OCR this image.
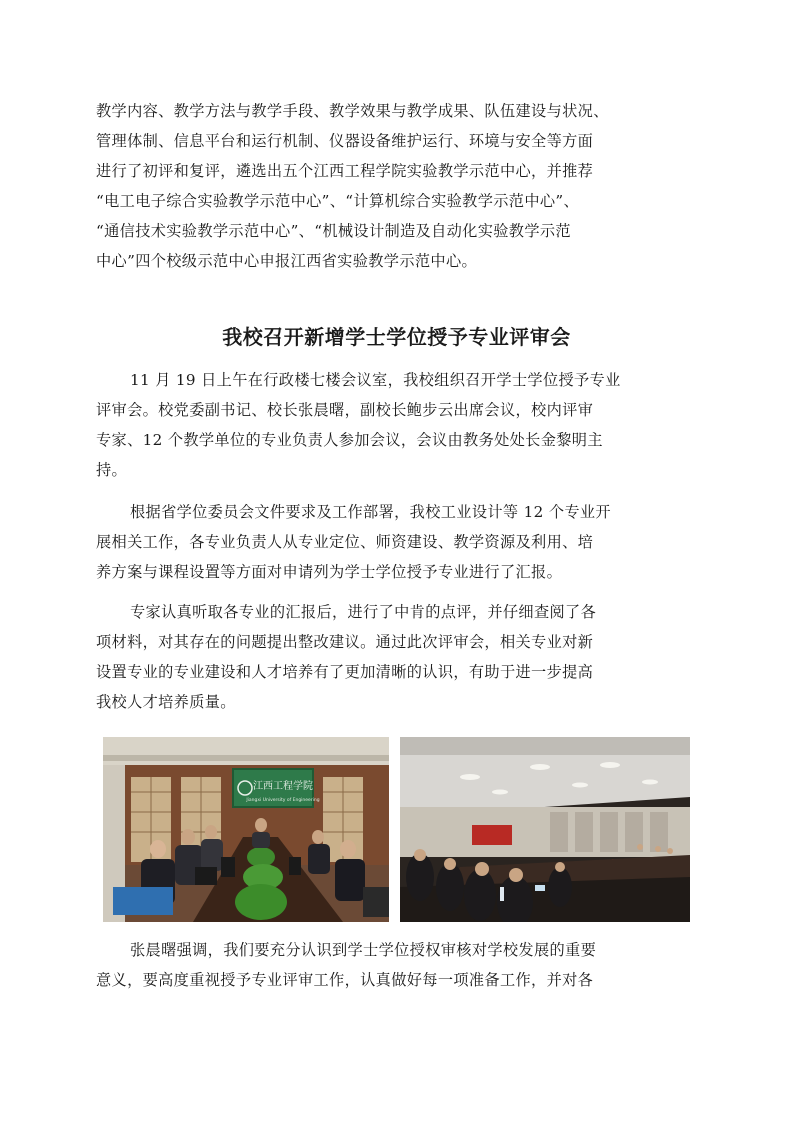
教学内容、教学方法与教学手段、教学效果与教学成果、队伍建设与状况、
管理体制、信息平台和运行机制、仪器设备维护运行、环境与安全等方面
进行了初评和复评，遴选出五个江西工程学院实验教学示范中心，并推荐
“电工电子综合实验教学示范中心”、“计算机综合实验教学示范中心”、
“通信技术实验教学示范中心”、“机械设计制造及自动化实验教学示范
中心”四个校级示范中心申报江西省实验教学示范中心。
我校召开新增学士学位授予专业评审会
11 月 19 日上午在行政楼七楼会议室，我校组织召开学士学位授予专业
评审会。校党委副书记、校长张晨曙，副校长鲍步云出席会议，校内评审
专家、12 个教学单位的专业负责人参加会议，会议由教务处处长金黎明主
持。
根据省学位委员会文件要求及工作部署，我校工业设计等 12 个专业开
展相关工作，各专业负责人从专业定位、师资建设、教学资源及利用、培
养方案与课程设置等方面对申请列为学士学位授予专业进行了汇报。
专家认真听取各专业的汇报后，进行了中肯的点评，并仔细查阅了各
项材料，对其存在的问题提出整改建议。通过此次评审会，相关专业对新
设置专业的专业建设和人才培养有了更加清晰的认识，有助于进一步提高
我校人才培养质量。
江西工程学院
Jiangxi University of Engineering
张晨曙强调，我们要充分认识到学士学位授权审核对学校发展的重要
意义，要高度重视授予专业评审工作，认真做好每一项准备工作，并对各
